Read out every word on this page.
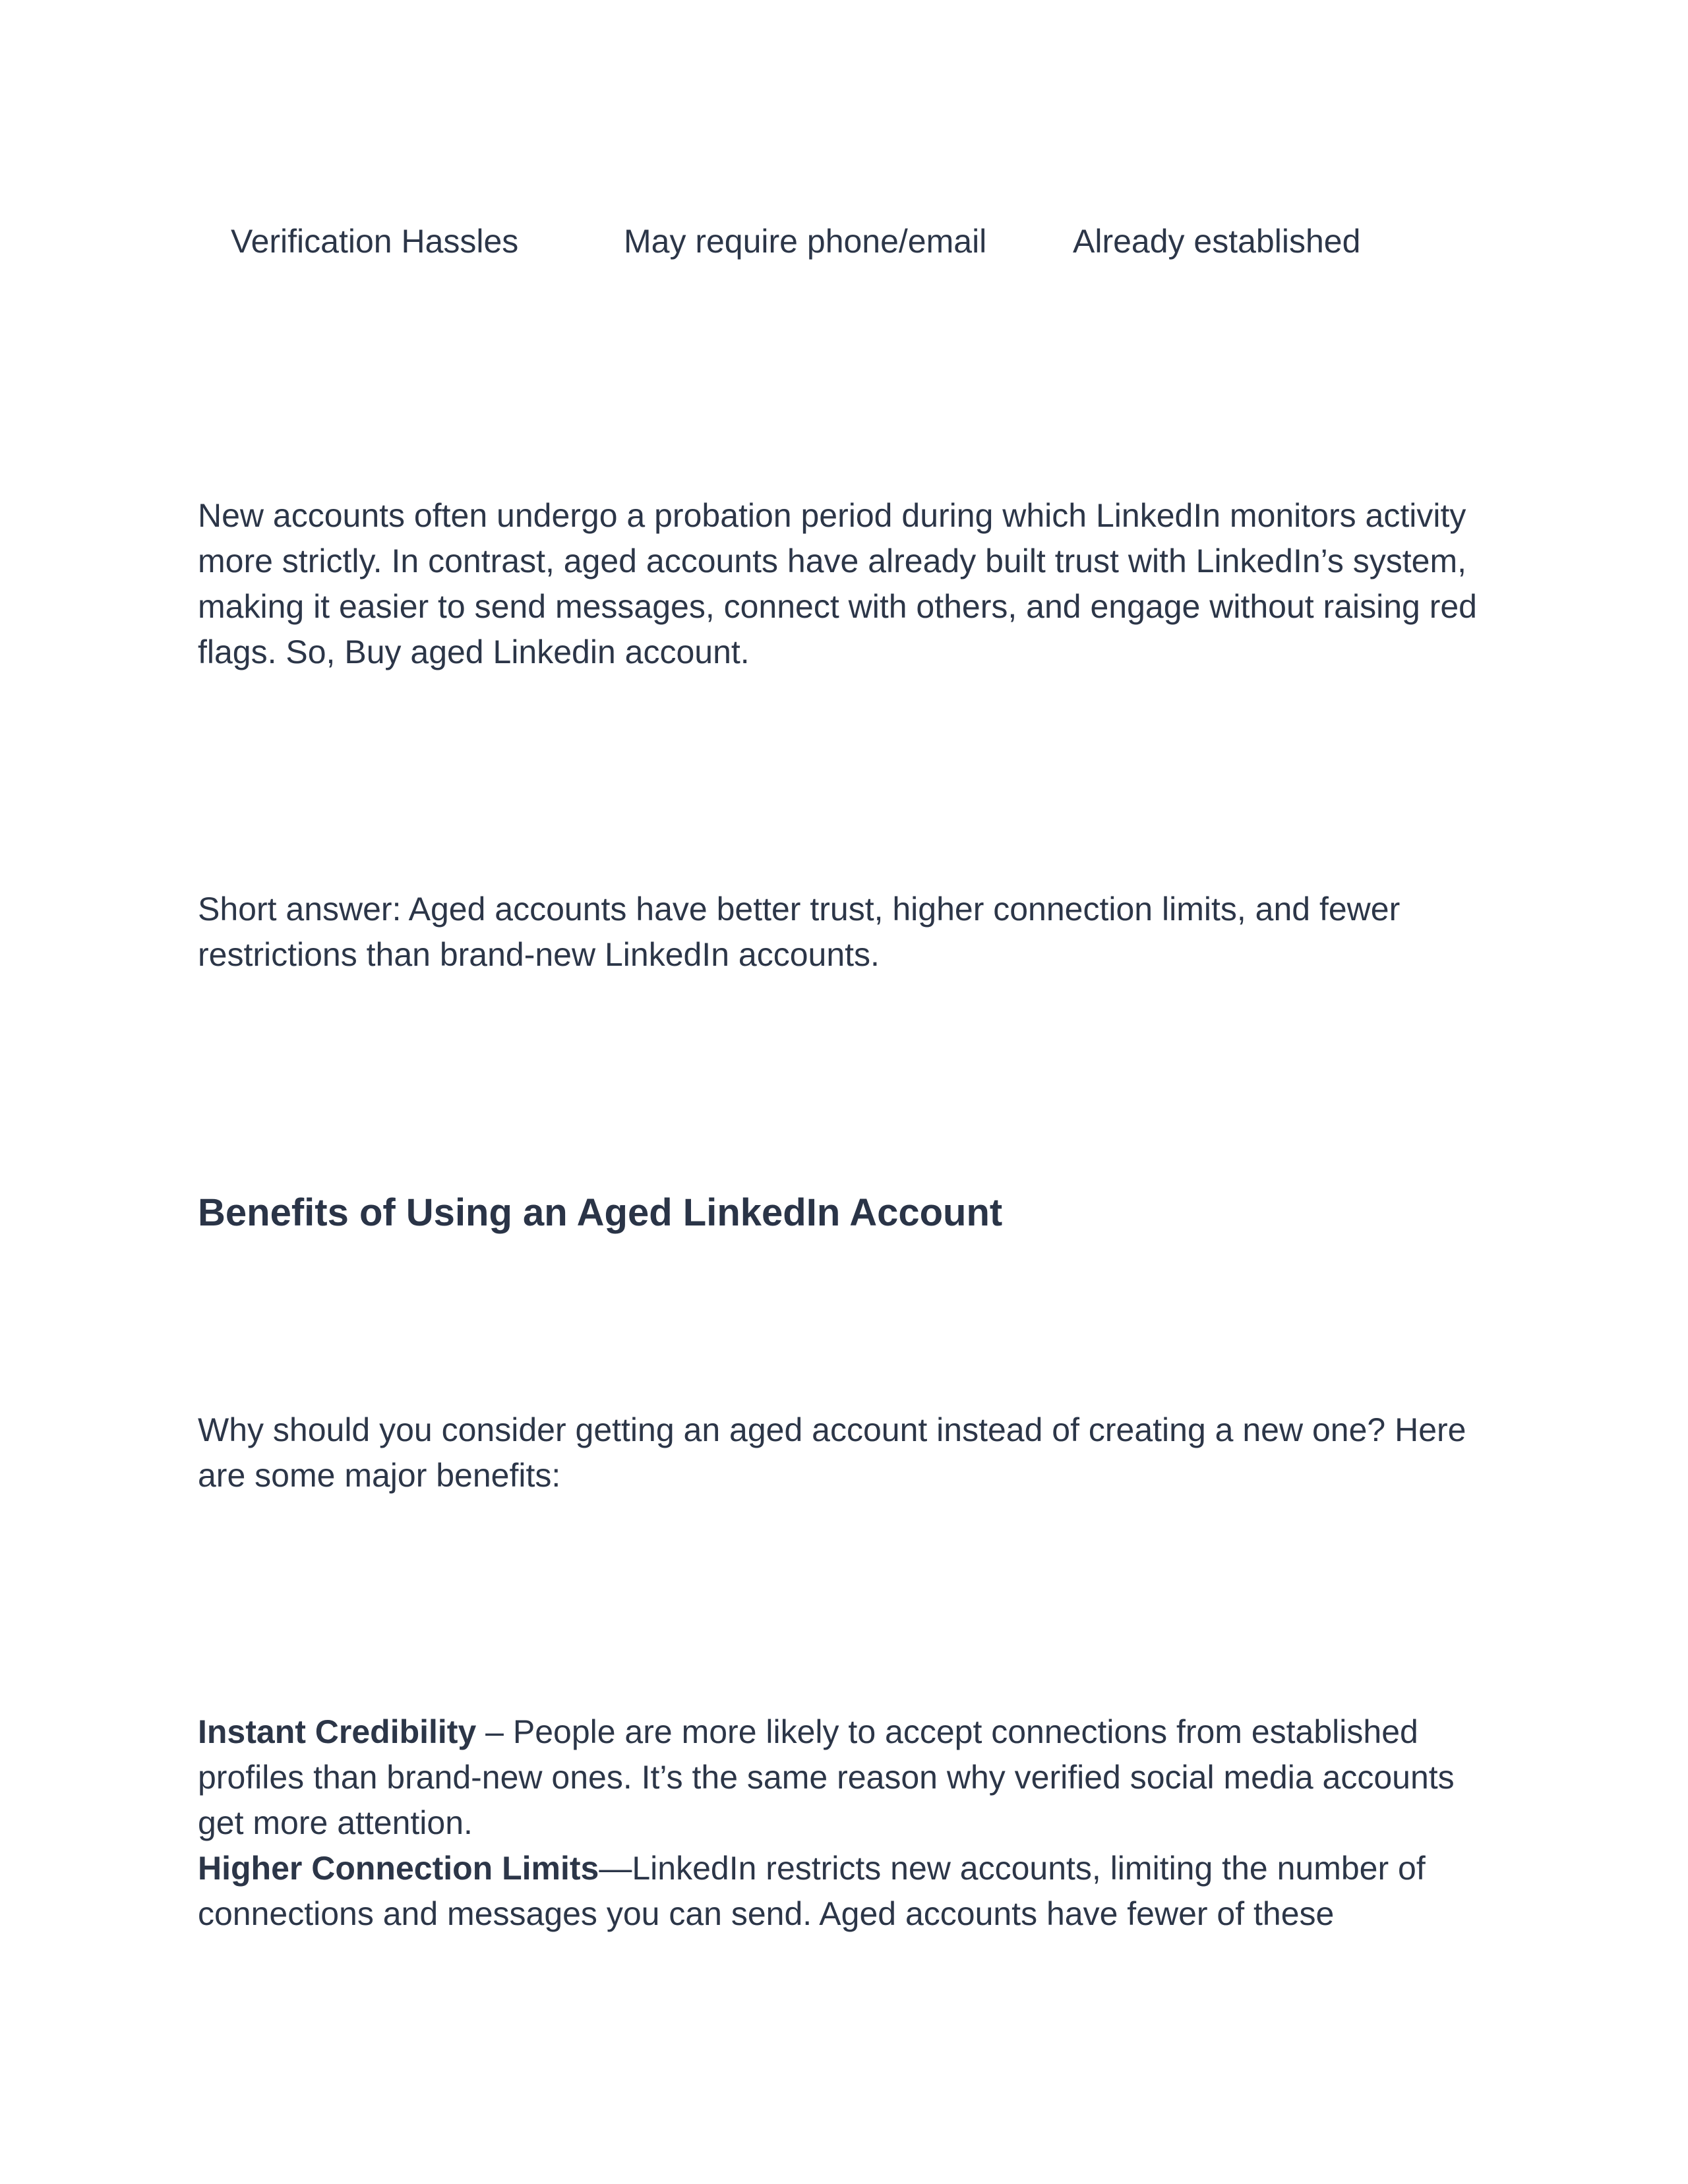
Verification Hassles	May require phone/email	Already established

New accounts often undergo a probation period during which LinkedIn monitors activity more strictly. In contrast, aged accounts have already built trust with LinkedIn’s system, making it easier to send messages, connect with others, and engage without raising red flags. So, Buy aged Linkedin account.

Short answer: Aged accounts have better trust, higher connection limits, and fewer restrictions than brand-new LinkedIn accounts.

Benefits of Using an Aged LinkedIn Account

Why should you consider getting an aged account instead of creating a new one? Here are some major benefits:

Instant Credibility – People are more likely to accept connections from established profiles than brand-new ones. It’s the same reason why verified social media accounts get more attention.
Higher Connection Limits—LinkedIn restricts new accounts, limiting the number of connections and messages you can send. Aged accounts have fewer of these
